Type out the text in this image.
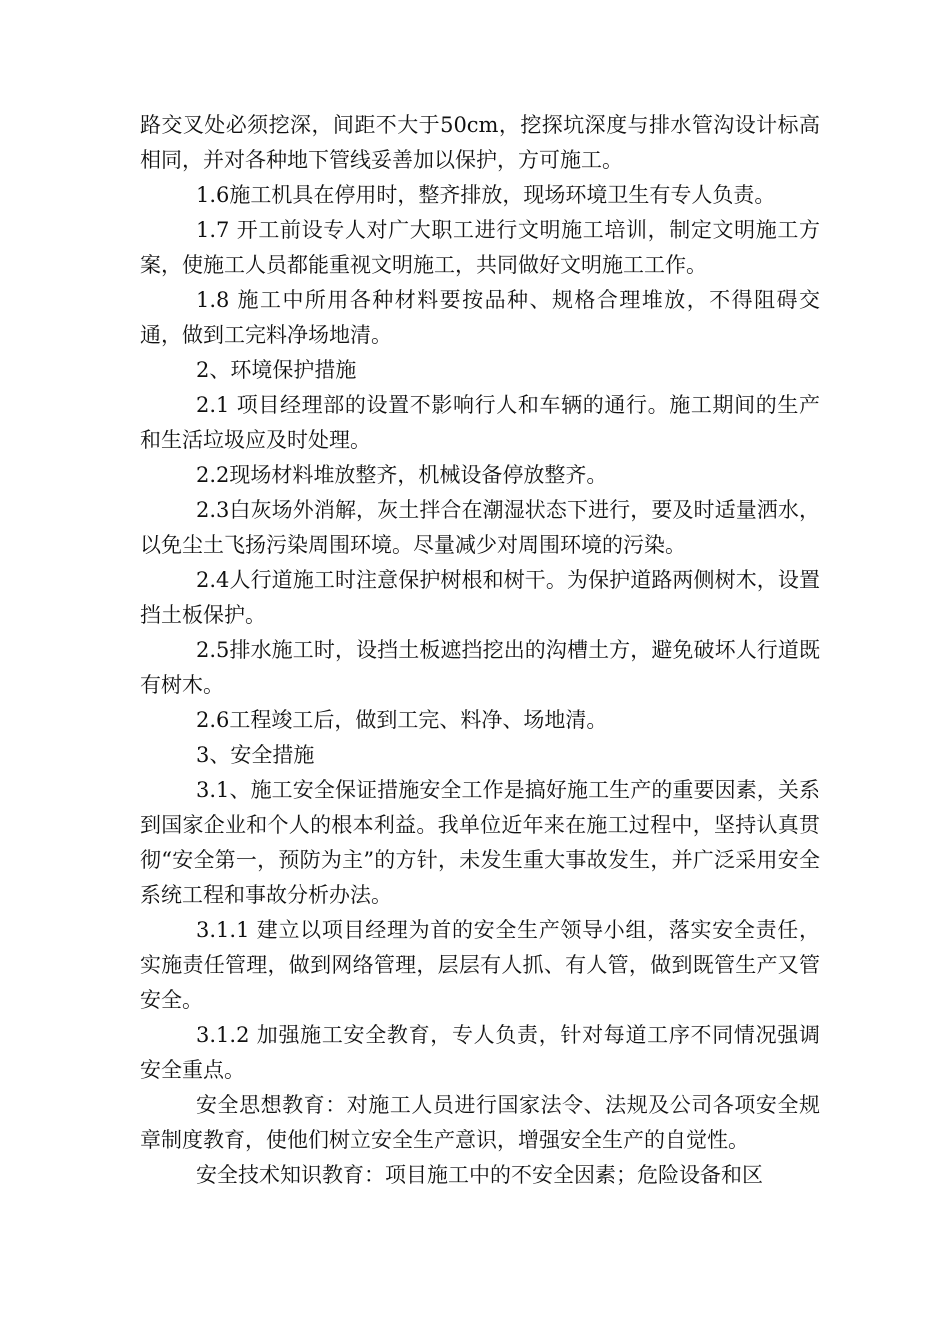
路交叉处必须挖深，间距不大于50cm，挖探坑深度与排水管沟设计标高相同，并对各种地下管线妥善加以保护，方可施工。

1.6施工机具在停用时，整齐排放，现场环境卫生有专人负责。

1.7 开工前设专人对广大职工进行文明施工培训，制定文明施工方案，使施工人员都能重视文明施工，共同做好文明施工工作。

1.8 施工中所用各种材料要按品种、规格合理堆放，不得阻碍交通，做到工完料净场地清。

2、环境保护措施

2.1 项目经理部的设置不影响行人和车辆的通行。施工期间的生产和生活垃圾应及时处理。

2.2现场材料堆放整齐，机械设备停放整齐。

2.3白灰场外消解，灰土拌合在潮湿状态下进行，要及时适量洒水，以免尘土飞扬污染周围环境。尽量减少对周围环境的污染。

2.4人行道施工时注意保护树根和树干。为保护道路两侧树木，设置挡土板保护。

2.5排水施工时，设挡土板遮挡挖出的沟槽土方，避免破坏人行道既有树木。

2.6工程竣工后，做到工完、料净、场地清。

3、安全措施

3.1、施工安全保证措施安全工作是搞好施工生产的重要因素，关系到国家企业和个人的根本利益。我单位近年来在施工过程中，坚持认真贯彻“安全第一，预防为主”的方针，未发生重大事故发生，并广泛采用安全系统工程和事故分析办法。

3.1.1 建立以项目经理为首的安全生产领导小组，落实安全责任，实施责任管理，做到网络管理，层层有人抓、有人管，做到既管生产又管安全。

3.1.2 加强施工安全教育，专人负责，针对每道工序不同情况强调安全重点。

安全思想教育：对施工人员进行国家法令、法规及公司各项安全规章制度教育，使他们树立安全生产意识，增强安全生产的自觉性。

安全技术知识教育：项目施工中的不安全因素；危险设备和区
